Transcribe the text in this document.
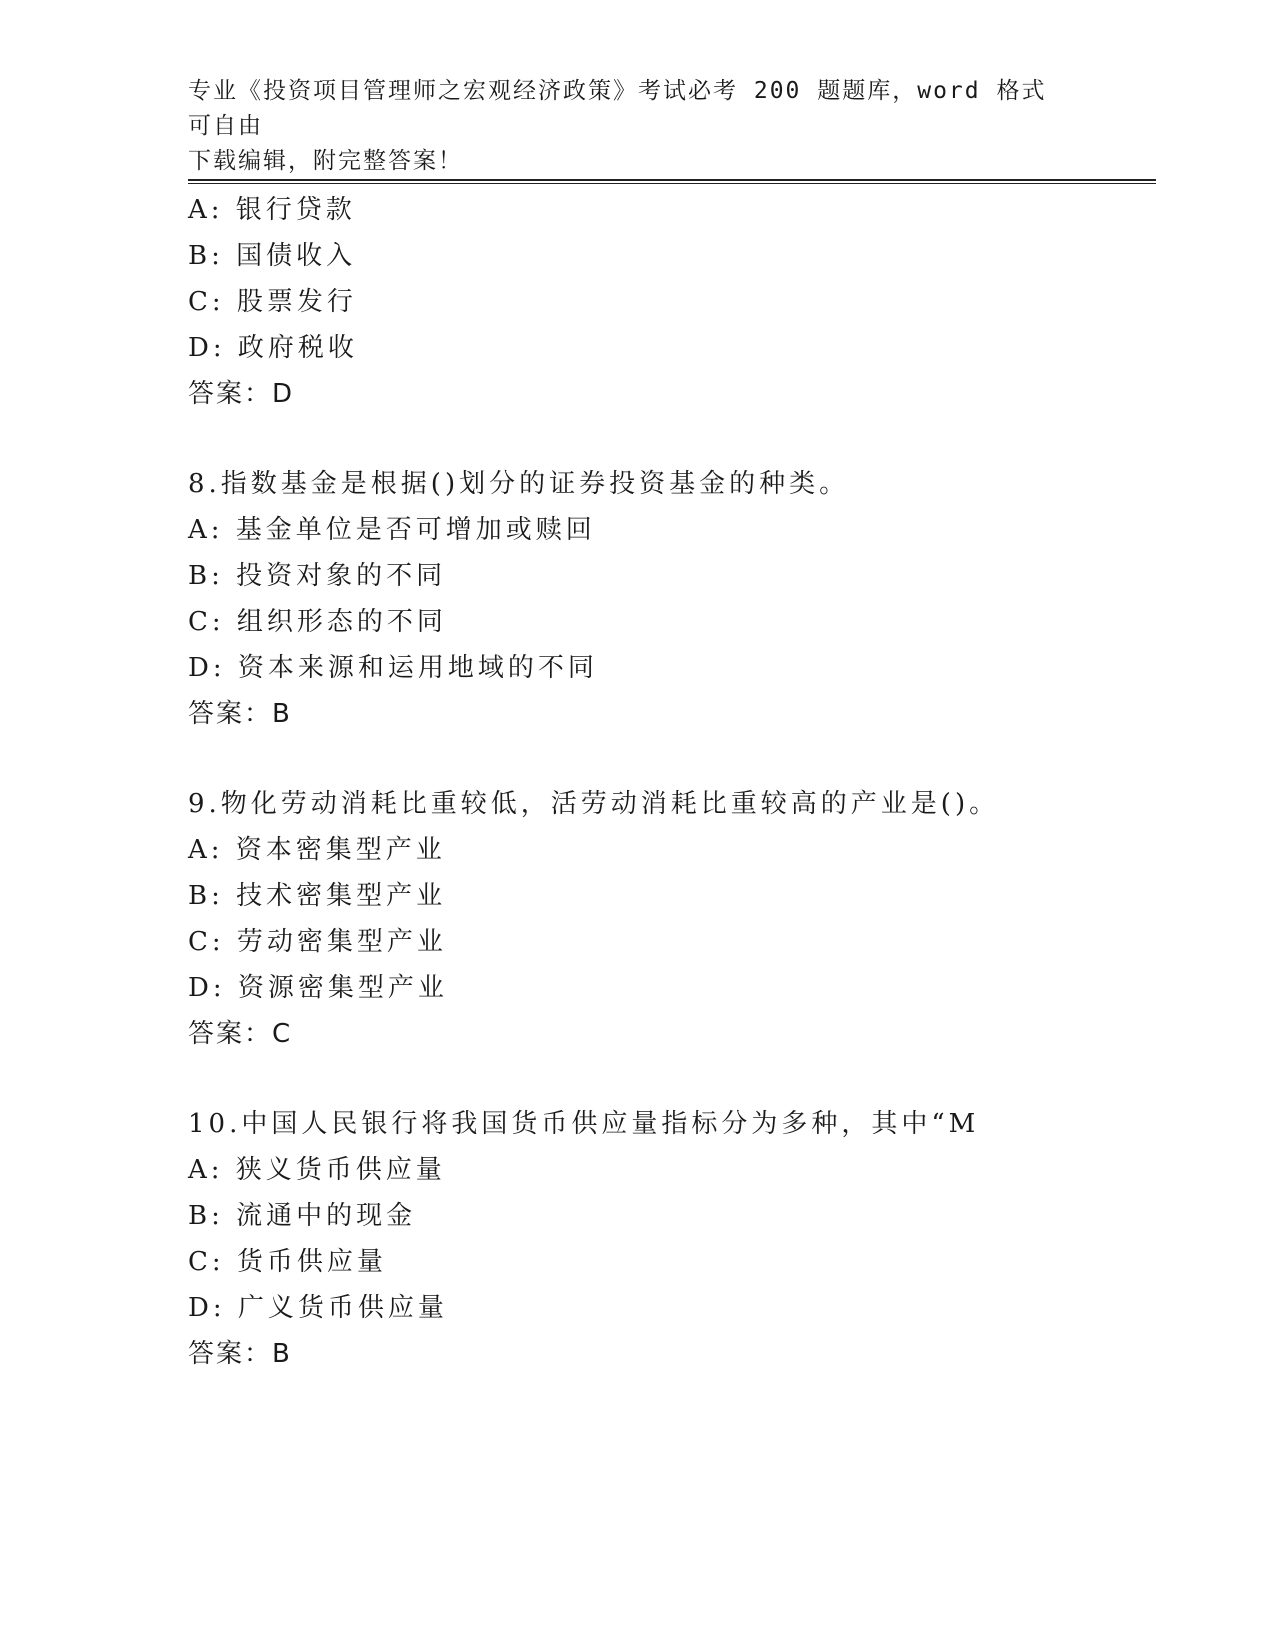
专业《投资项目管理师之宏观经济政策》考试必考 200 题题库，word 格式可自由
下载编辑，附完整答案！
A: 银行贷款
B: 国债收入
C: 股票发行
D: 政府税收
答案：D
8.指数基金是根据()划分的证券投资基金的种类。
A: 基金单位是否可增加或赎回
B: 投资对象的不同
C: 组织形态的不同
D: 资本来源和运用地域的不同
答案：B
9.物化劳动消耗比重较低，活劳动消耗比重较高的产业是()。
A: 资本密集型产业
B: 技术密集型产业
C: 劳动密集型产业
D: 资源密集型产业
答案：C
10.中国人民银行将我国货币供应量指标分为多种，其中“M
A: 狭义货币供应量
B: 流通中的现金
C: 货币供应量
D: 广义货币供应量
答案：B
